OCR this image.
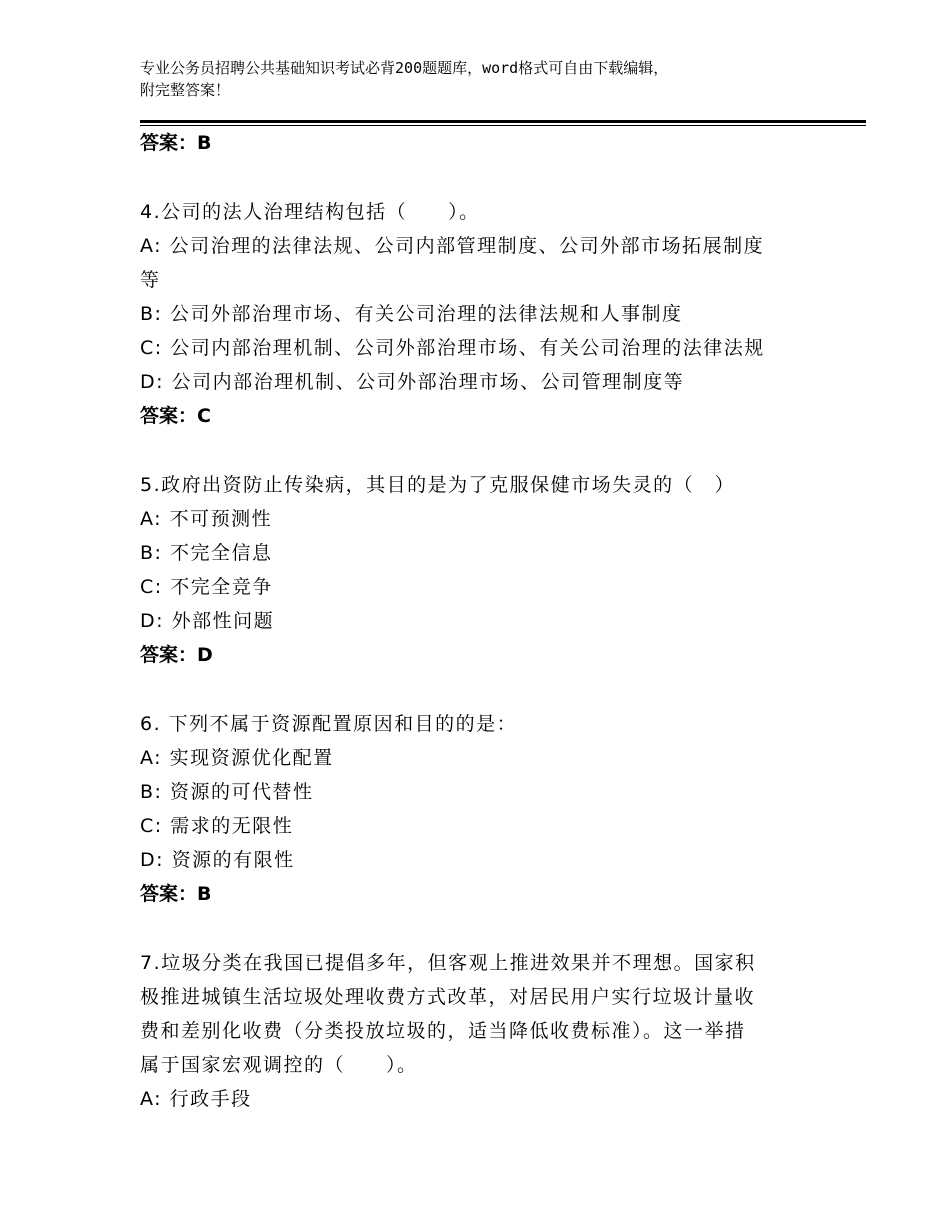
专业公务员招聘公共基础知识考试必背200题题库，word格式可自由下载编辑，
附完整答案！
答案：B
4.公司的法人治理结构包括（　　）。
A: 公司治理的法律法规、公司内部管理制度、公司外部市场拓展制度
等
B: 公司外部治理市场、有关公司治理的法律法规和人事制度
C: 公司内部治理机制、公司外部治理市场、有关公司治理的法律法规
D: 公司内部治理机制、公司外部治理市场、公司管理制度等
答案：C
5.政府出资防止传染病，其目的是为了克服保健市场失灵的（　）
A: 不可预测性
B: 不完全信息
C: 不完全竞争
D: 外部性问题
答案：D
6. 下列不属于资源配置原因和目的的是：
A: 实现资源优化配置
B: 资源的可代替性
C: 需求的无限性
D: 资源的有限性
答案：B
7.垃圾分类在我国已提倡多年，但客观上推进效果并不理想。国家积
极推进城镇生活垃圾处理收费方式改革，对居民用户实行垃圾计量收
费和差别化收费（分类投放垃圾的，适当降低收费标准）。这一举措
属于国家宏观调控的（　　）。
A: 行政手段
